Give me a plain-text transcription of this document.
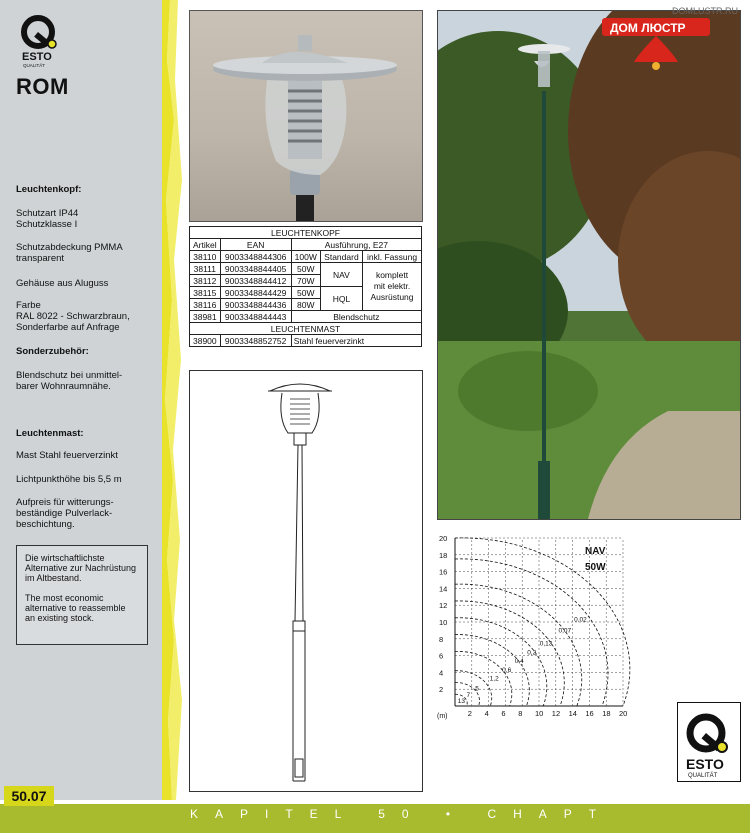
ESTO
QUALITÄT
ROM
Leuchtenkopf:
Schutzart IP44
Schutzklasse I
Schutzabdeckung PMMA
transparent
Gehäuse aus Aluguss
Farbe
RAL 8022 - Schwarzbraun,
Sonderfarbe auf Anfrage
Sonderzubehör:
Blendschutz bei unmittel-
barer Wohnraumnähe.
Leuchtenmast:
Mast Stahl feuerverzinkt
Lichtpunkthöhe bis 5,5 m
Aufpreis für witterungs-
beständige Pulverlack-
beschichtung.

Die wirtschaftlichste
Alternative zur Nachrüstung
im Altbestand.

The most economic
alternative to reassemble
an existing stock.

LEUCHTENKOPF				
Artikel	EAN	Ausführung, E27		
38110	9003348844306	100W	Standard	inkl. Fassung
38111	9003348844405	50W	NAV	komplett
mit elektr.
Ausrüstung
38112	9003348844412	70W		
38115	9003348844429	50W	HQL	
38116	9003348844436	80W		
38981	9003348844443	Blendschutz		
LEUCHTENMAST				
38900	9003348852752	Stahl feuerverzinkt		
DOMLUSTR.RU
ДОМ ЛЮСТР
NAV
50W
(m)
20
18
16
14
12
10
8
6
4
2
2 4 6 8 10 12 14 16 18 20
0,02
0,07
0,13
0,2
0,4
0,6
1,2
5
7
13
ESTO
QUALITÄT
KAPITEL 50 • CHAPT
50.07
